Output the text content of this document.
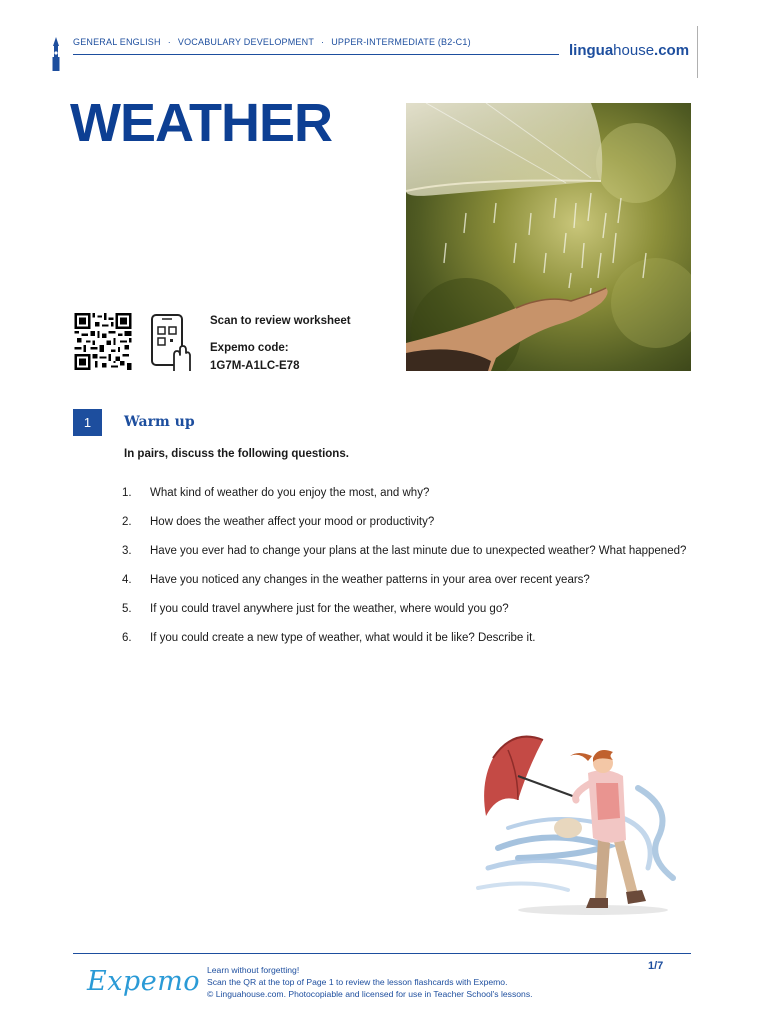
GENERAL ENGLISH · VOCABULARY DEVELOPMENT · UPPER-INTERMEDIATE (B2-C1)	linguahouse.com
WEATHER
Scan to review worksheet
Expemo code:
1G7M-A1LC-E78
1	Warm up
In pairs, discuss the following questions.
1.	What kind of weather do you enjoy the most, and why?
2.	How does the weather affect your mood or productivity?
3.	Have you ever had to change your plans at the last minute due to unexpected weather? What happened?
4.	Have you noticed any changes in the weather patterns in your area over recent years?
5.	If you could travel anywhere just for the weather, where would you go?
6.	If you could create a new type of weather, what would it be like? Describe it.
Expemo Learn without forgetting!
Scan the QR at the top of Page 1 to review the lesson flashcards with Expemo.
© Linguahouse.com. Photocopiable and licensed for use in Teacher School's lessons.
1/7
